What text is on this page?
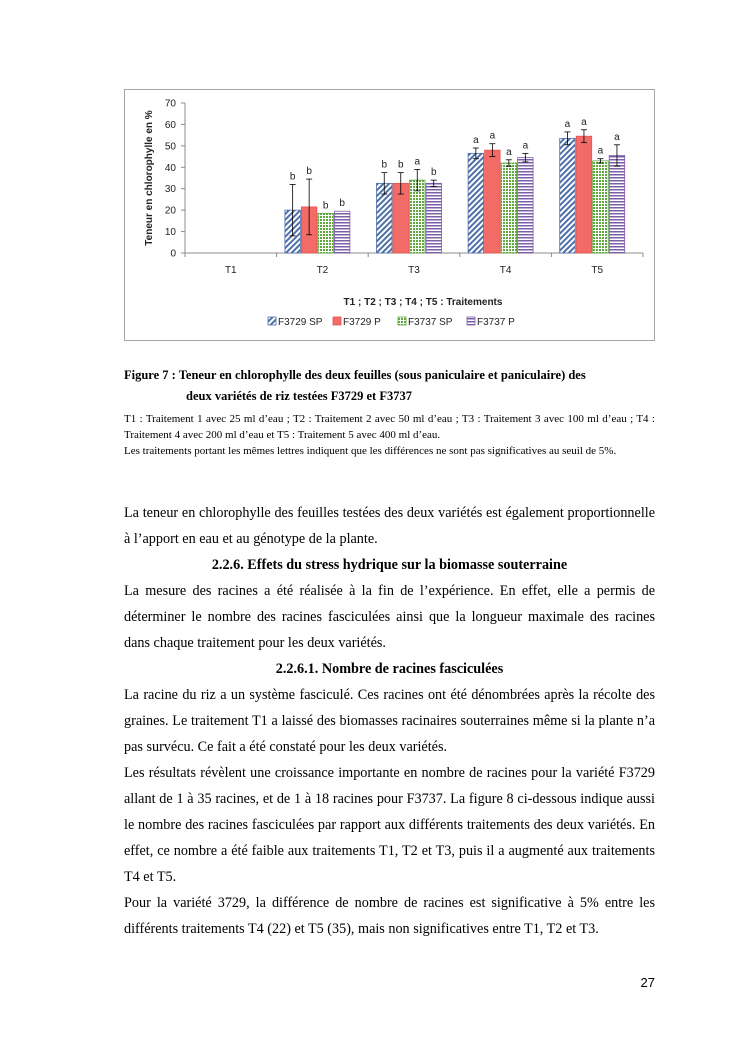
0
10
20
30
40
50
60
70
Teneur en chlorophylle en %
T1	T2	T3	T4	T5
T1 ; T2 ; T3 ; T4 ; T5 : Traitements
b b
b b
b b a
b
a a
a
a
a a
a
a
F3729 SP F3729 P	F3737 SP F3737 P
Figure 7 : Teneur en chlorophylle des deux feuilles (sous paniculaire et paniculaire) des
deux variétés de riz testées F3729 et F3737

T1 : Traitement 1 avec 25 ml d’eau ; T2 : Traitement 2 avec 50 ml d’eau ; T3 : Traitement 3 avec 100 ml d’eau ; T4 : Traitement 4 avec 200 ml d’eau et T5 : Traitement 5 avec 400 ml d’eau.

Les traitements portant les mêmes lettres indiquent que les différences ne sont pas significatives au seuil de 5%.

La teneur en chlorophylle des feuilles testées des deux variétés est également proportionnelle à l’apport en eau et au génotype de la plante.

2.2.6. Effets du stress hydrique sur la biomasse souterraine

La mesure des racines a été réalisée à la fin de l’expérience. En effet, elle a permis de déterminer le nombre des racines fasciculées ainsi que la longueur maximale des racines dans chaque traitement pour les deux variétés.

2.2.6.1. Nombre de racines fasciculées

La racine du riz a un système fasciculé. Ces racines ont été dénombrées après la récolte des graines. Le traitement T1 a laissé des biomasses racinaires souterraines même si la plante n’a pas survécu. Ce fait a été constaté pour les deux variétés.

Les résultats révèlent une croissance importante en nombre de racines pour la variété F3729 allant de 1 à 35 racines, et de 1 à 18 racines pour F3737. La figure 8 ci-dessous indique aussi le nombre des racines fasciculées par rapport aux différents traitements des deux variétés. En effet, ce nombre a été faible aux traitements T1, T2 et T3, puis il a augmenté aux traitements T4 et T5.

Pour la variété 3729, la différence de nombre de racines est significative à 5% entre les différents traitements T4 (22) et T5 (35), mais non significatives entre T1, T2 et T3.

27
